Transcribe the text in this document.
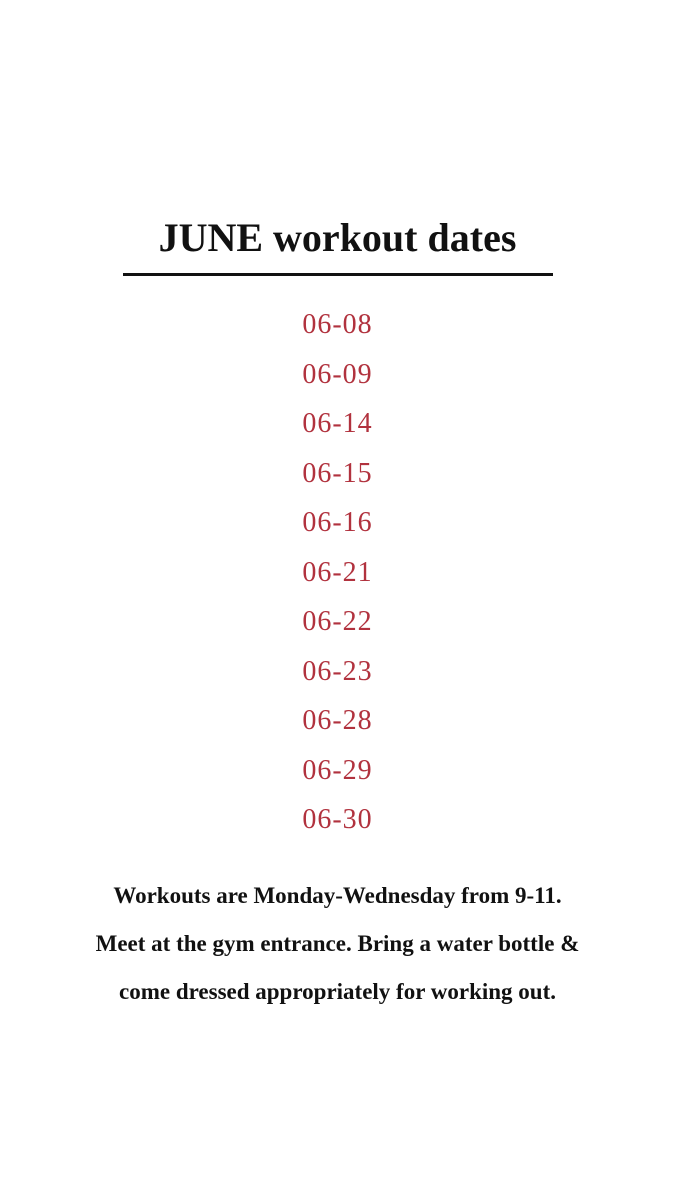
JUNE workout dates
06-08
06-09
06-14
06-15
06-16
06-21
06-22
06-23
06-28
06-29
06-30

Workouts are Monday-Wednesday from 9-11. Meet at the gym entrance. Bring a water bottle & come dressed appropriately for working out.
